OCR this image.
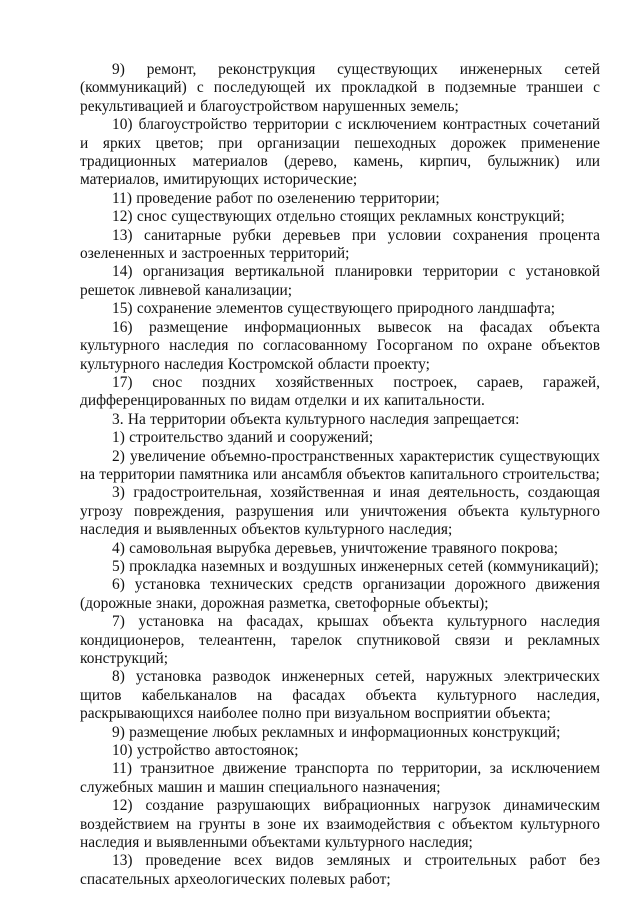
9) ремонт, реконструкция существующих инженерных сетей (коммуникаций) с последующей их прокладкой в подземные траншеи с рекультивацией и благоустройством нарушенных земель;

10) благоустройство территории с исключением контрастных сочетаний и ярких цветов; при организации пешеходных дорожек применение традиционных материалов (дерево, камень, кирпич, булыжник) или материалов, имитирующих исторические;

11) проведение работ по озеленению территории;

12) снос существующих отдельно стоящих рекламных конструкций;

13) санитарные рубки деревьев при условии сохранения процента озелененных и застроенных территорий;

14) организация вертикальной планировки территории с установкой решеток ливневой канализации;

15) сохранение элементов существующего природного ландшафта;

16) размещение информационных вывесок на фасадах объекта культурного наследия по согласованному Госорганом по охране объектов культурного наследия Костромской области проекту;

17) снос поздних хозяйственных построек, сараев, гаражей, дифференцированных по видам отделки и их капитальности.

3. На территории объекта культурного наследия запрещается:

1) строительство зданий и сооружений;

2) увеличение объемно-пространственных характеристик существующих на территории памятника или ансамбля объектов капитального строительства;

3) градостроительная, хозяйственная и иная деятельность, создающая угрозу повреждения, разрушения или уничтожения объекта культурного наследия и выявленных объектов культурного наследия;

4) самовольная вырубка деревьев, уничтожение травяного покрова;

5) прокладка наземных и воздушных инженерных сетей (коммуникаций);

6) установка технических средств организации дорожного движения (дорожные знаки, дорожная разметка, светофорные объекты);

7) установка на фасадах, крышах объекта культурного наследия кондиционеров, телеантенн, тарелок спутниковой связи и рекламных конструкций;

8) установка разводок инженерных сетей, наружных электрических щитов кабельканалов на фасадах объекта культурного наследия, раскрывающихся наиболее полно при визуальном восприятии объекта;

9) размещение любых рекламных и информационных конструкций;

10) устройство автостоянок;

11) транзитное движение транспорта по территории, за исключением служебных машин и машин специального назначения;

12) создание разрушающих вибрационных нагрузок динамическим воздействием на грунты в зоне их взаимодействия с объектом культурного наследия и выявленными объектами культурного наследия;

13) проведение всех видов земляных и строительных работ без спасательных археологических полевых работ;
